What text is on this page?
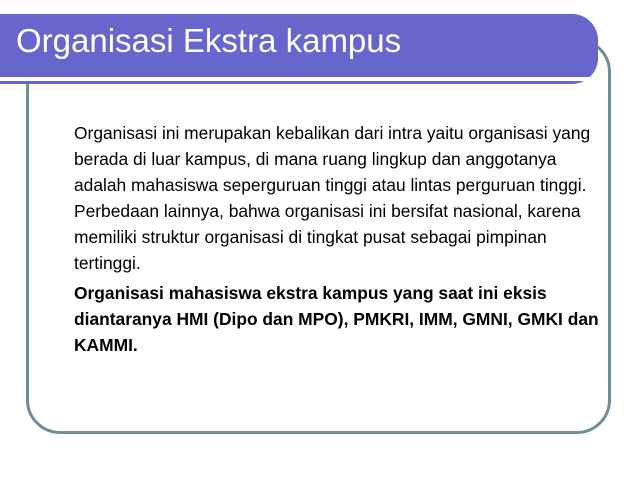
Organisasi Ekstra kampus

Organisasi ini merupakan kebalikan dari intra yaitu organisasi yang berada di luar kampus, di mana ruang lingkup dan anggotanya adalah mahasiswa seperguruan tinggi atau lintas perguruan tinggi. Perbedaan lainnya, bahwa organisasi ini bersifat nasional, karena memiliki struktur organisasi di tingkat pusat sebagai pimpinan tertinggi.

Organisasi mahasiswa ekstra kampus yang saat ini eksis diantaranya HMI (Dipo dan MPO), PMKRI, IMM, GMNI, GMKI dan KAMMI.
